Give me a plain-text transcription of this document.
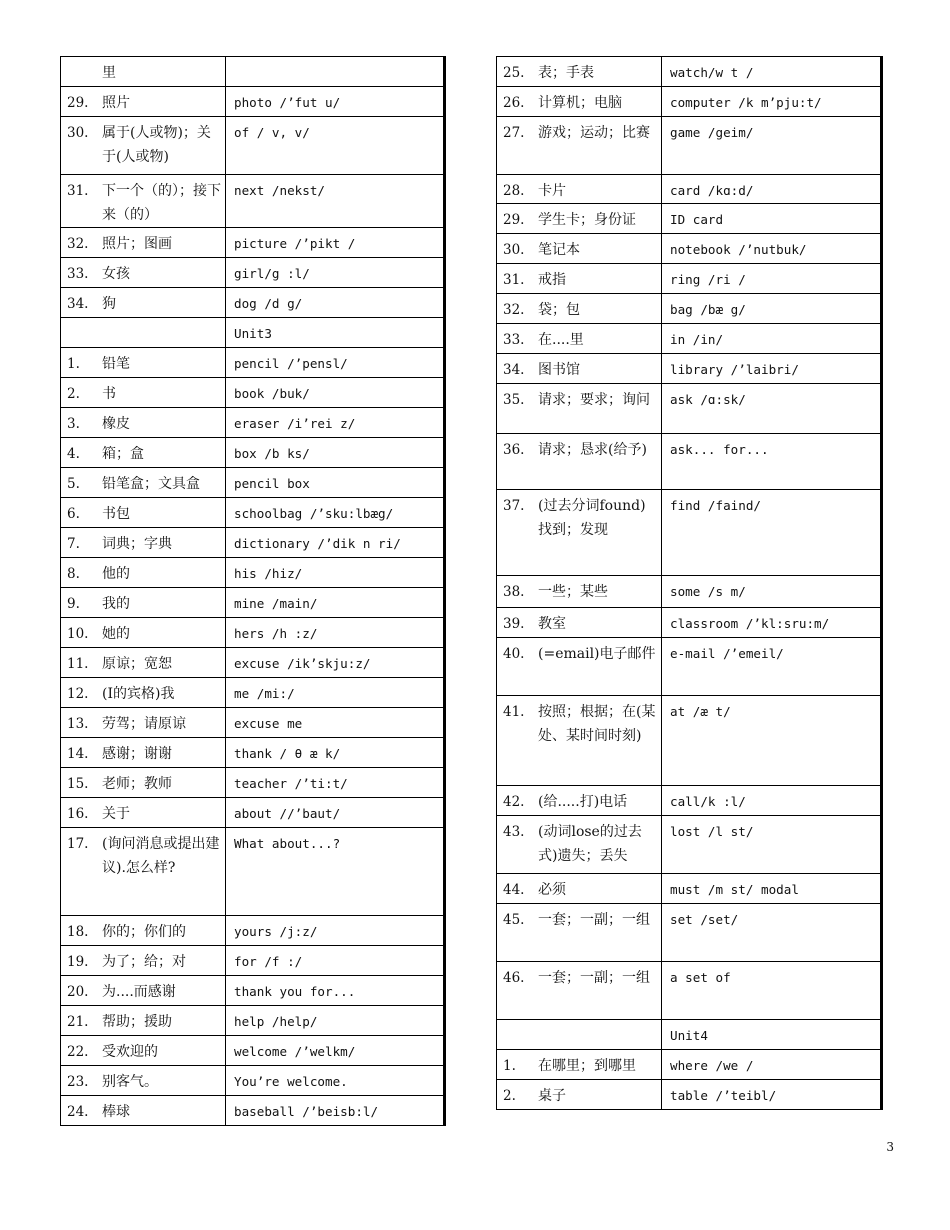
里	

29. 照片	photo /’fut u/

30. 属于(人或物)；关于(人或物)	of / v, v/

31. 下一个（的）；接下来（的）	next /nekst/

32. 照片；图画	picture /’pikt /

33. 女孩	girl/g :l/

34. 狗	dog /d g/

	Unit3

1. 铅笔	pencil /’pensl/

2. 书	book /buk/

3. 橡皮	eraser /i’rei z/

4. 箱；盒	box /b ks/

5. 铅笔盒；文具盒	pencil box

6. 书包	schoolbag /’sku:lbæg/

7. 词典；字典	dictionary /’dik n ri/

8. 他的	his /hiz/

9. 我的	mine /main/

10. 她的	hers /h :z/

11. 原谅；宽恕	excuse /ik’skju:z/

12. (I的宾格)我	me /mi:/

13. 劳驾；请原谅	excuse me

14. 感谢；谢谢	thank / θ æ k/

15. 老师；教师	teacher /’ti:t/

16. 关于	about //’baut/

17. (询问消息或提出建议).怎么样?	What about...?

18. 你的；你们的	yours /j:z/

19. 为了；给；对	for /f :/

20. 为....而感谢	thank you for...

21. 帮助；援助	help /help/

22. 受欢迎的	welcome /’welkm/

23. 别客气。	You’re welcome.

24. 棒球	baseball /’beisb:l/
25. 表；手表	watch/w t /

26. 计算机；电脑	computer /k m’pju:t/

27. 游戏；运动；比赛	game /geim/

28. 卡片	card /kɑ:d/

29. 学生卡；身份证	ID card

30. 笔记本	notebook /’nutbuk/

31. 戒指	ring /ri /

32. 袋；包	bag /bæ g/

33. 在....里	in /in/

34. 图书馆	library /’laibri/

35. 请求；要求；询问	ask /ɑ:sk/

36. 请求；恳求(给予)	ask... for...

37. (过去分词found)找到；发现	find /faind/

38. 一些；某些	some /s m/

39. 教室	classroom /’kl:sru:m/

40. (=email)电子邮件	e-mail /’emeil/

41. 按照；根据；在(某处、某时间时刻)	at /æ t/

42. (给.....打)电话	call/k :l/

43. (动词lose的过去式)遗失；丢失	lost /l st/

44. 必须	must /m st/ modal

45. 一套；一副；一组	set /set/

46. 一套；一副；一组	a set of

	Unit4

1. 在哪里；到哪里	where /we /

2. 桌子	table /’teibl/
3
